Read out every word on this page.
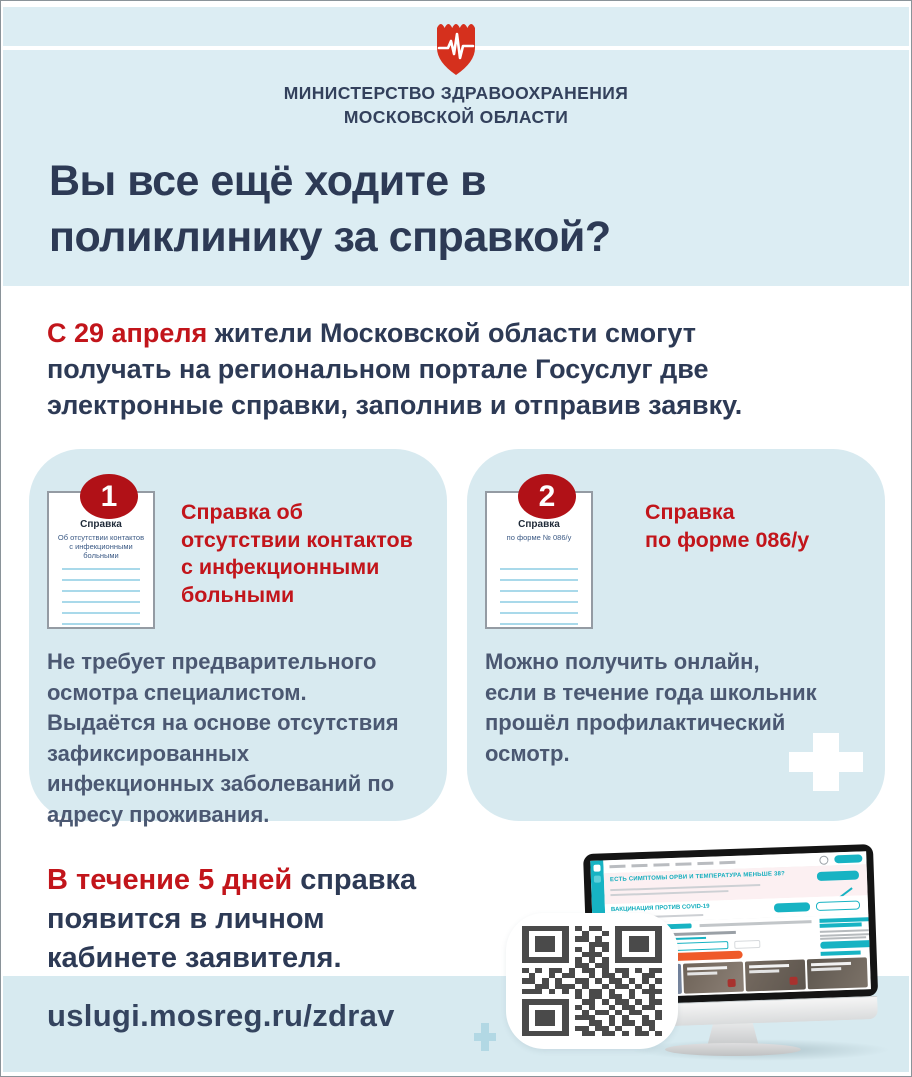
МИНИСТЕРСТВО ЗДРАВООХРАНЕНИЯ
МОСКОВСКОЙ ОБЛАСТИ
Вы все ещё ходите в
поликлинику за справкой?
С 29 апреля жители Московской области смогут
получать на региональном портале Госуслуг две
электронные справки, заполнив и отправив заявку.
Справка
Об отсутствии контактов
с инфекционными
больными
1	Справка об
отсутствии контактов
с инфекционными
больными
Не требует предварительного
осмотра специалистом.
Выдаётся на основе отсутствия
зафиксированных
инфекционных заболеваний по
адресу проживания.
Справка
по форме № 086/у
2	Справка
по форме 086/у
Можно получить онлайн,
если в течение года школьник
прошёл профилактический
осмотр.
В течение 5 дней справка
появится в личном
кабинете заявителя.
uslugi.mosreg.ru/zdrav
ЕСТЬ СИМПТОМЫ ОРВИ И ТЕМПЕРАТУРА МЕНЬШЕ 38?
ВАКЦИНАЦИЯ ПРОТИВ COVID-19
